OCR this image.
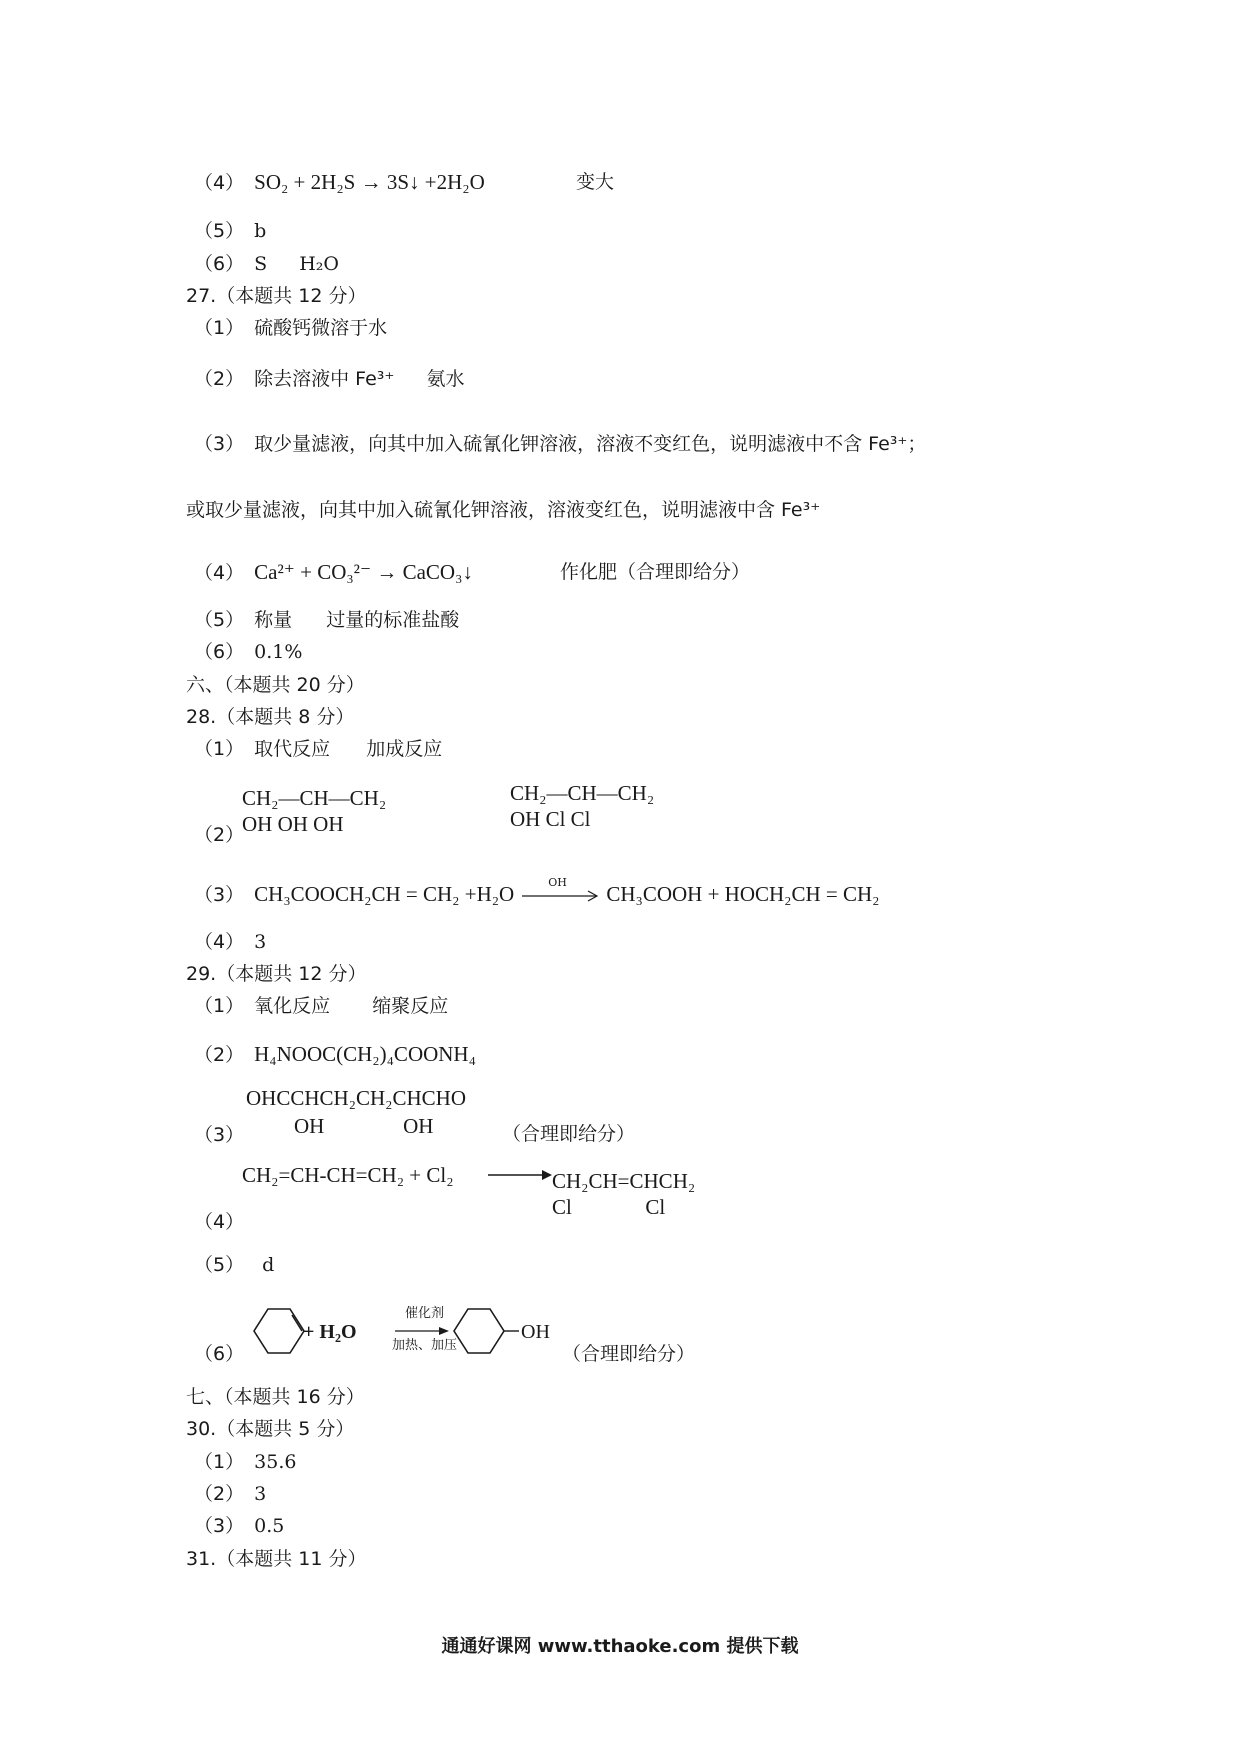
（4） SO₂ + 2H₂S → 3S↓ +2H₂O	变大
（5） b
（6） S H₂O
27.（本题共 12 分）
（1） 硫酸钙微溶于水
（2） 除去溶液中 Fe³⁺ 氨水
（3） 取少量滤液，向其中加入硫氰化钾溶液，溶液不变红色，说明滤液中不含 Fe³⁺；
或取少量滤液，向其中加入硫氰化钾溶液，溶液变红色，说明滤液中含 Fe³⁺
（4） Ca²⁺ + CO₃²⁻ → CaCO₃↓	作化肥（合理即给分）
（5） 称量 过量的标准盐酸
（6） 0.1%
六、（本题共 20 分）
28.（本题共 8 分）
（1） 取代反应 加成反应
（2）
CH₂—CH—CH₂
OH OH OH
CH₂—CH—CH₂
OH Cl Cl
（3） CH₃COOCH₂CH = CH₂ +H₂O	OH CH₃COOH + HOCH₂CH = CH₂
（4） 3
29.（本题共 12 分）
（1） 氧化反应 缩聚反应
（2） H₄NOOC(CH₂)₄COONH₄
（3）
OHCCHCH₂CH₂CHCHO
OH               OH	（合理即给分）
（4）
CH₂=CH-CH=CH₂ + Cl₂	CH₂CH=CHCH₂
Cl              Cl
（5） d
（6）
+ H₂O
催化剂
加热、加压
OH
（合理即给分）
七、（本题共 16 分）
30.（本题共 5 分）
（1） 35.6
（2） 3
（3） 0.5
31.（本题共 11 分）
通通好课网 www.tthaoke.com 提供下载
